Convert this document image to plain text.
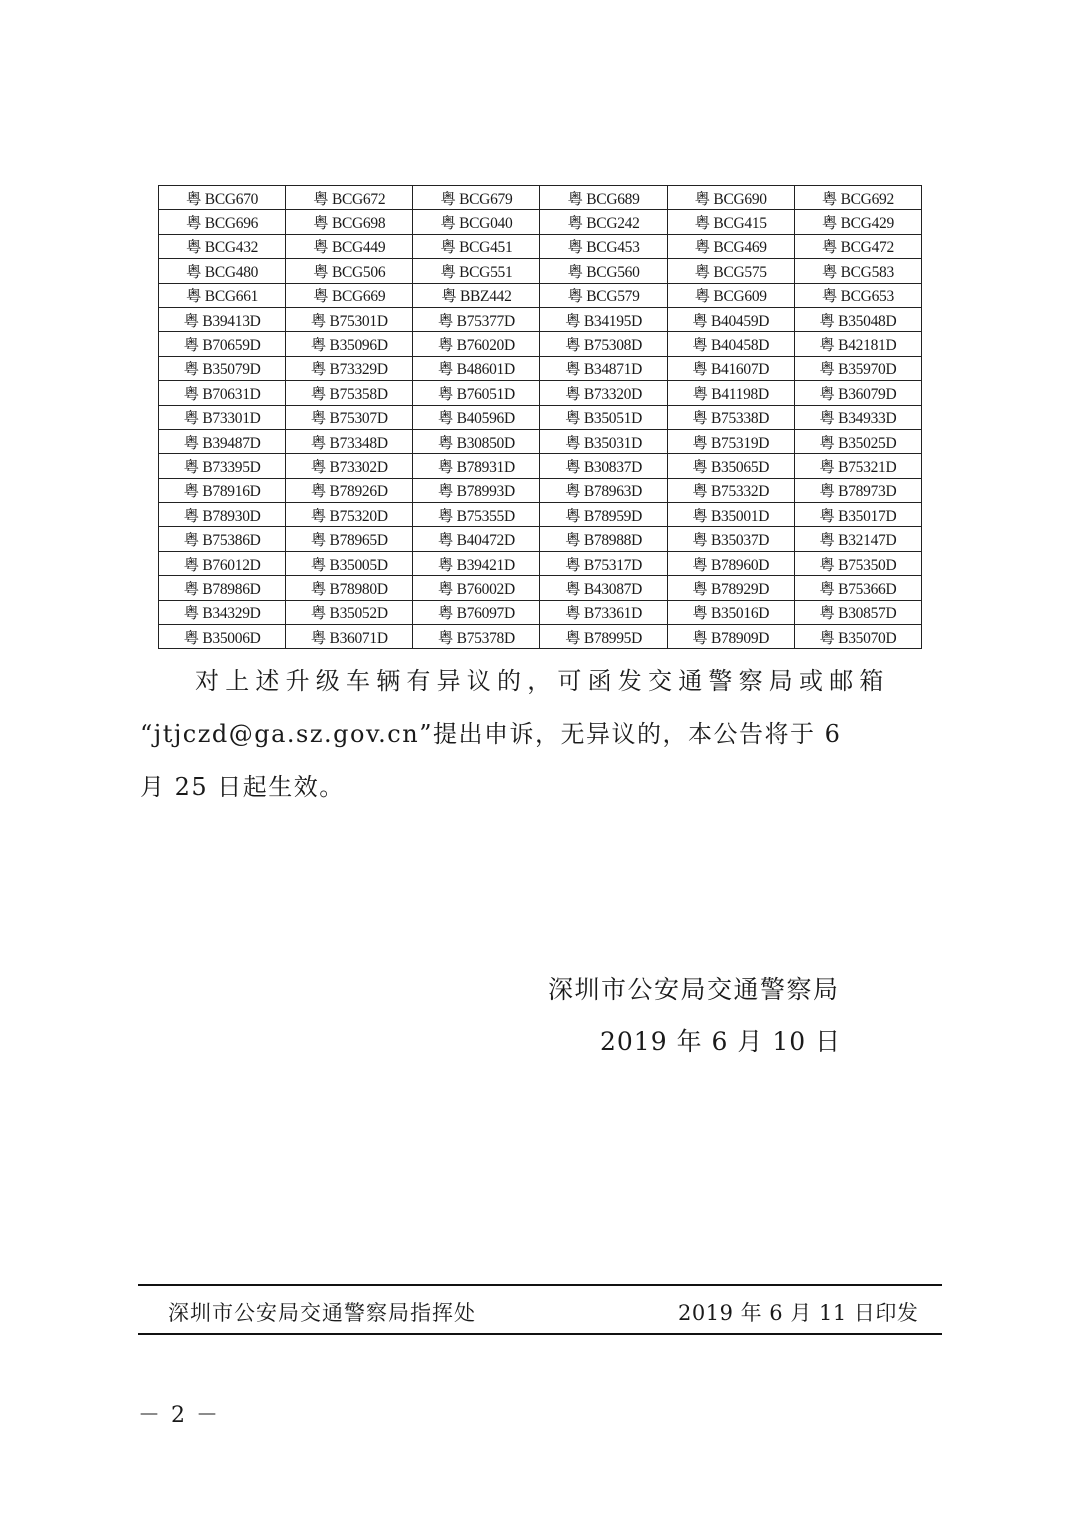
粤 BCG670	粤 BCG672	粤 BCG679	粤 BCG689	粤 BCG690	粤 BCG692
粤 BCG696	粤 BCG698	粤 BCG040	粤 BCG242	粤 BCG415	粤 BCG429
粤 BCG432	粤 BCG449	粤 BCG451	粤 BCG453	粤 BCG469	粤 BCG472
粤 BCG480	粤 BCG506	粤 BCG551	粤 BCG560	粤 BCG575	粤 BCG583
粤 BCG661	粤 BCG669	粤 BBZ442	粤 BCG579	粤 BCG609	粤 BCG653
粤 B39413D	粤 B75301D	粤 B75377D	粤 B34195D	粤 B40459D	粤 B35048D
粤 B70659D	粤 B35096D	粤 B76020D	粤 B75308D	粤 B40458D	粤 B42181D
粤 B35079D	粤 B73329D	粤 B48601D	粤 B34871D	粤 B41607D	粤 B35970D
粤 B70631D	粤 B75358D	粤 B76051D	粤 B73320D	粤 B41198D	粤 B36079D
粤 B73301D	粤 B75307D	粤 B40596D	粤 B35051D	粤 B75338D	粤 B34933D
粤 B39487D	粤 B73348D	粤 B30850D	粤 B35031D	粤 B75319D	粤 B35025D
粤 B73395D	粤 B73302D	粤 B78931D	粤 B30837D	粤 B35065D	粤 B75321D
粤 B78916D	粤 B78926D	粤 B78993D	粤 B78963D	粤 B75332D	粤 B78973D
粤 B78930D	粤 B75320D	粤 B75355D	粤 B78959D	粤 B35001D	粤 B35017D
粤 B75386D	粤 B78965D	粤 B40472D	粤 B78988D	粤 B35037D	粤 B32147D
粤 B76012D	粤 B35005D	粤 B39421D	粤 B75317D	粤 B78960D	粤 B75350D
粤 B78986D	粤 B78980D	粤 B76002D	粤 B43087D	粤 B78929D	粤 B75366D
粤 B34329D	粤 B35052D	粤 B76097D	粤 B73361D	粤 B35016D	粤 B30857D
粤 B35006D	粤 B36071D	粤 B75378D	粤 B78995D	粤 B78909D	粤 B35070D

对上述升级车辆有异议的，可函发交通警察局或邮箱
“jtjczd@ga.sz.gov.cn”提出申诉，无异议的，本公告将于 6
月 25 日起生效。

深圳市公安局交通警察局

2019 年 6 月 10 日

深圳市公安局交通警察局指挥处	2019 年 6 月 11 日印发

－ 2 －
